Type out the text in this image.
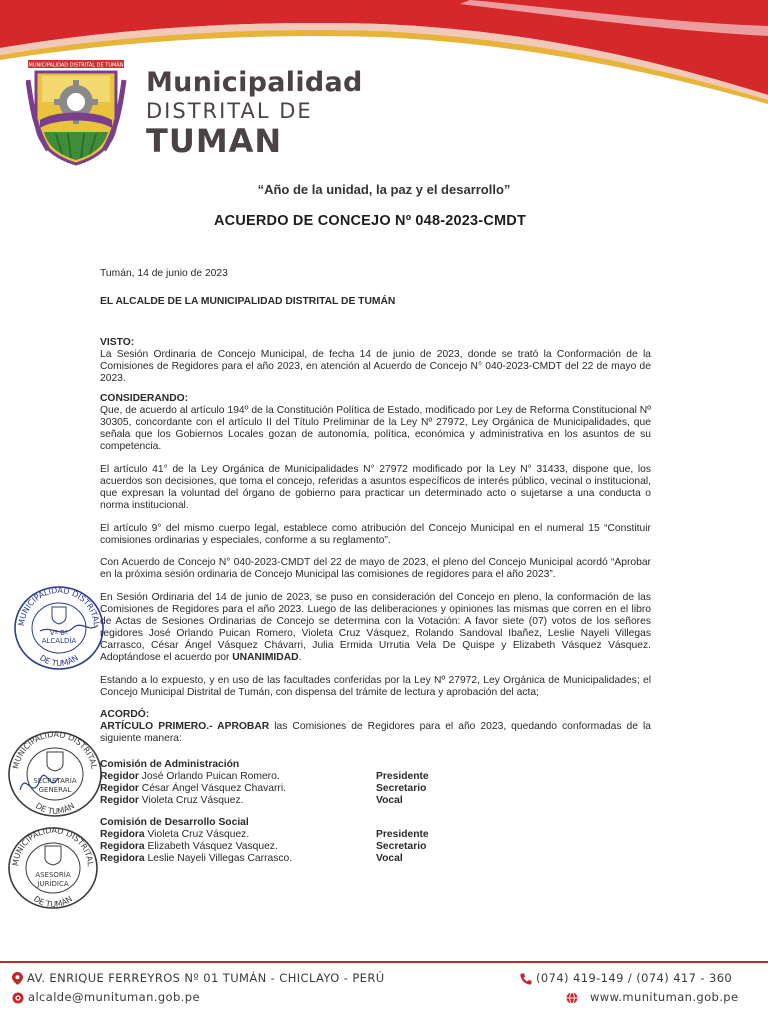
MUNICIPALIDAD DISTRITAL DE TUMÁN
Municipalidad
DISTRITAL DE
TUMAN
“Año de la unidad, la paz y el desarrollo”
ACUERDO DE CONCEJO Nº 048-2023-CMDT

Tumán, 14 de junio de 2023

EL ALCALDE DE LA MUNICIPALIDAD DISTRITAL DE TUMÁN

VISTO:

La Sesión Ordinaria de Concejo Municipal, de fecha 14 de junio de 2023, donde se trató la Conformación de la Comisiones de Regidores para el año 2023, en atención al Acuerdo de Concejo N° 040-2023-CMDT del 22 de mayo de 2023.

CONSIDERANDO:

Que, de acuerdo al artículo 194º de la Constitución Política de Estado, modificado por Ley de Reforma Constitucional Nº 30305, concordante con el artículo II del Título Preliminar de la Ley Nº 27972, Ley Orgánica de Municipalidades, que señala que los Gobiernos Locales gozan de autonomía, política, económica y administrativa en los asuntos de su competencia.

El artículo 41° de la Ley Orgánica de Municipalidades N° 27972 modificado por la Ley N° 31433, dispone que, los acuerdos son decisiones, que toma el concejo, referidas a asuntos específicos de interés público, vecinal o institucional, que expresan la voluntad del órgano de gobierno para practicar un determinado acto o sujetarse a una conducta o norma institucional.

El artículo 9° del mismo cuerpo legal, establece como atribución del Concejo Municipal en el numeral 15 “Constituir comisiones ordinarias y especiales, conforme a su reglamento”.

Con Acuerdo de Concejo N° 040-2023-CMDT del 22 de mayo de 2023, el pleno del Concejo Municipal acordó “Aprobar en la próxima sesión ordinaria de Concejo Municipal las comisiones de regidores para el año 2023”.

En Sesión Ordinaria del 14 de junio de 2023, se puso en consideración del Concejo en pleno, la conformación de las Comisiones de Regidores para el año 2023. Luego de las deliberaciones y opiniones las mismas que corren en el libro de Actas de Sesiones Ordinarias de Concejo se determina con la Votación: A favor siete (07) votos de los señores regidores José Orlando Puican Romero, Violeta Cruz Vásquez, Rolando Sandoval Ibañez, Leslie Nayeli Villegas Carrasco, César Ángel Vásquez Chávarri, Julia Ermida Urrutia Vela De Quispe y Elizabeth Vásquez Vásquez. Adoptándose el acuerdo por UNANIMIDAD.

Estando a lo expuesto, y en uso de las facultades conferidas por la Ley Nº 27972, Ley Orgánica de Municipalidades; el Concejo Municipal Distrital de Tumán, con dispensa del trámite de lectura y aprobación del acta;

ACORDÓ:

ARTÍCULO PRIMERO.- APROBAR las Comisiones de Regidores para el año 2023, quedando conformadas de la siguiente manera:

Comisión de Administración

Regidor José Orlando Puican Romero.	Presidente
Regidor César Ángel Vásquez Chavarri.	Secretario
Regidor Violeta Cruz Vásquez.	Vocal

Comisión de Desarrollo Social

Regidora Violeta Cruz Vásquez.	Presidente
Regidora Elizabeth Vásquez Vasquez.	Secretario
Regidora Leslie Nayeli Villegas Carrasco.	Vocal
MUNICIPALIDAD DISTRITAL
DE TUMÁN
Vº Bº
ALCALDÍA
MUNICIPALIDAD DISTRITAL
DE TUMÁN
SECRETARÍA
GENERAL
MUNICIPALIDAD DISTRITAL
DE TUMÁN
ASESORÍA
JURÍDICA
AV. ENRIQUE FERREYROS Nº 01 TUMÁN - CHICLAYO - PERÚ
alcalde@munituman.gob.pe
(074) 419-149 / (074) 417 - 360
www.munituman.gob.pe
